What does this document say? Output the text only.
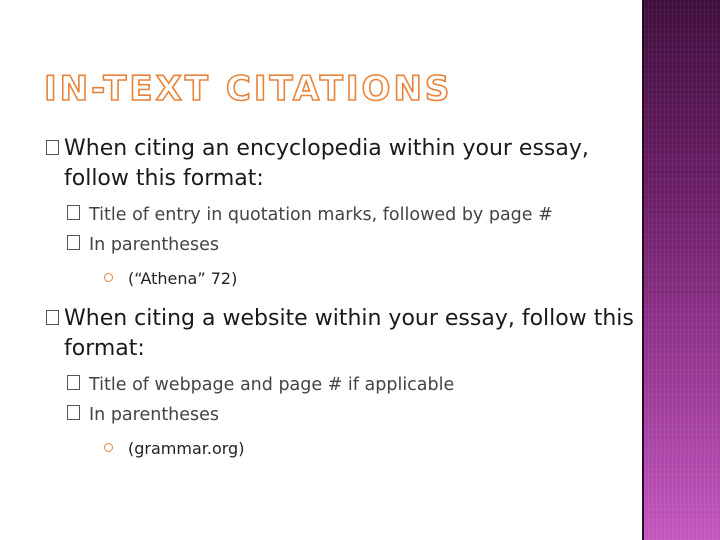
IN-TEXT CITATIONS
When citing an encyclopedia within your essay, follow this format:
Title of entry in quotation marks, followed by page #
In parentheses
(“Athena” 72)
When citing a website within your essay, follow this format:
Title of webpage and page # if applicable
In parentheses
(grammar.org)
